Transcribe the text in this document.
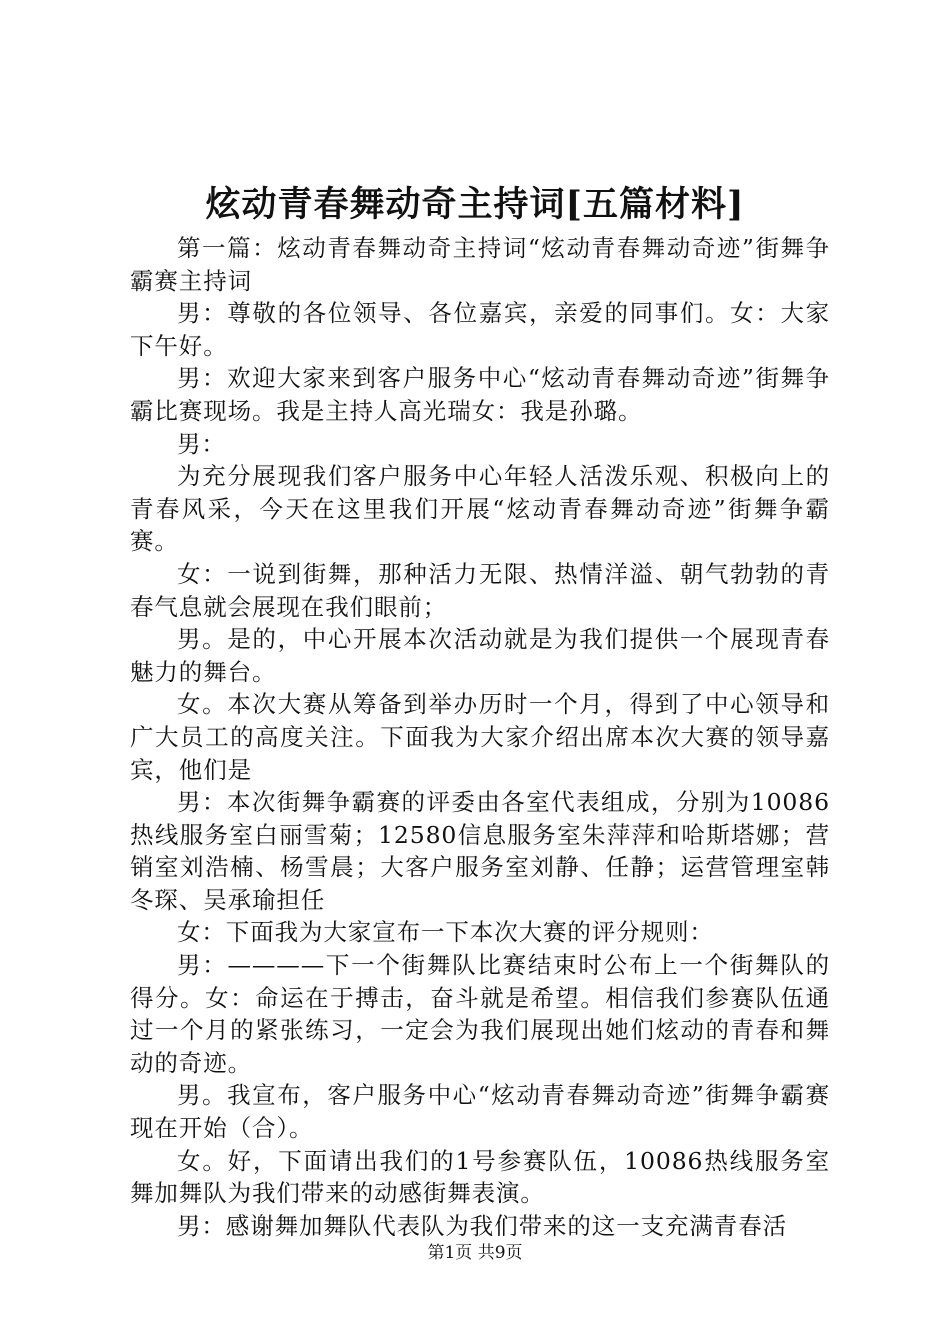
炫动青春舞动奇主持词[五篇材料]

第一篇：炫动青春舞动奇主持词“炫动青春舞动奇迹”街舞争霸赛主持词

男：尊敬的各位领导、各位嘉宾，亲爱的同事们。女：大家下午好。

男：欢迎大家来到客户服务中心“炫动青春舞动奇迹”街舞争霸比赛现场。我是主持人高光瑞女：我是孙璐。

男：

为充分展现我们客户服务中心年轻人活泼乐观、积极向上的青春风采，今天在这里我们开展“炫动青春舞动奇迹”街舞争霸赛。

女：一说到街舞，那种活力无限、热情洋溢、朝气勃勃的青春气息就会展现在我们眼前；

男。是的，中心开展本次活动就是为我们提供一个展现青春魅力的舞台。

女。本次大赛从筹备到举办历时一个月，得到了中心领导和广大员工的高度关注。下面我为大家介绍出席本次大赛的领导嘉宾，他们是

男：本次街舞争霸赛的评委由各室代表组成，分别为10086热线服务室白丽雪菊；12580信息服务室朱萍萍和哈斯塔娜；营销室刘浩楠、杨雪晨；大客户服务室刘静、任静；运营管理室韩冬琛、吴承瑜担任

女：下面我为大家宣布一下本次大赛的评分规则：

男：————下一个街舞队比赛结束时公布上一个街舞队的得分。女：命运在于搏击，奋斗就是希望。相信我们参赛队伍通过一个月的紧张练习，一定会为我们展现出她们炫动的青春和舞动的奇迹。

男。我宣布，客户服务中心“炫动青春舞动奇迹”街舞争霸赛现在开始（合）。

女。好，下面请出我们的1号参赛队伍，10086热线服务室舞加舞队为我们带来的动感街舞表演。

男：感谢舞加舞队代表队为我们带来的这一支充满青春活

第1页 共9页
